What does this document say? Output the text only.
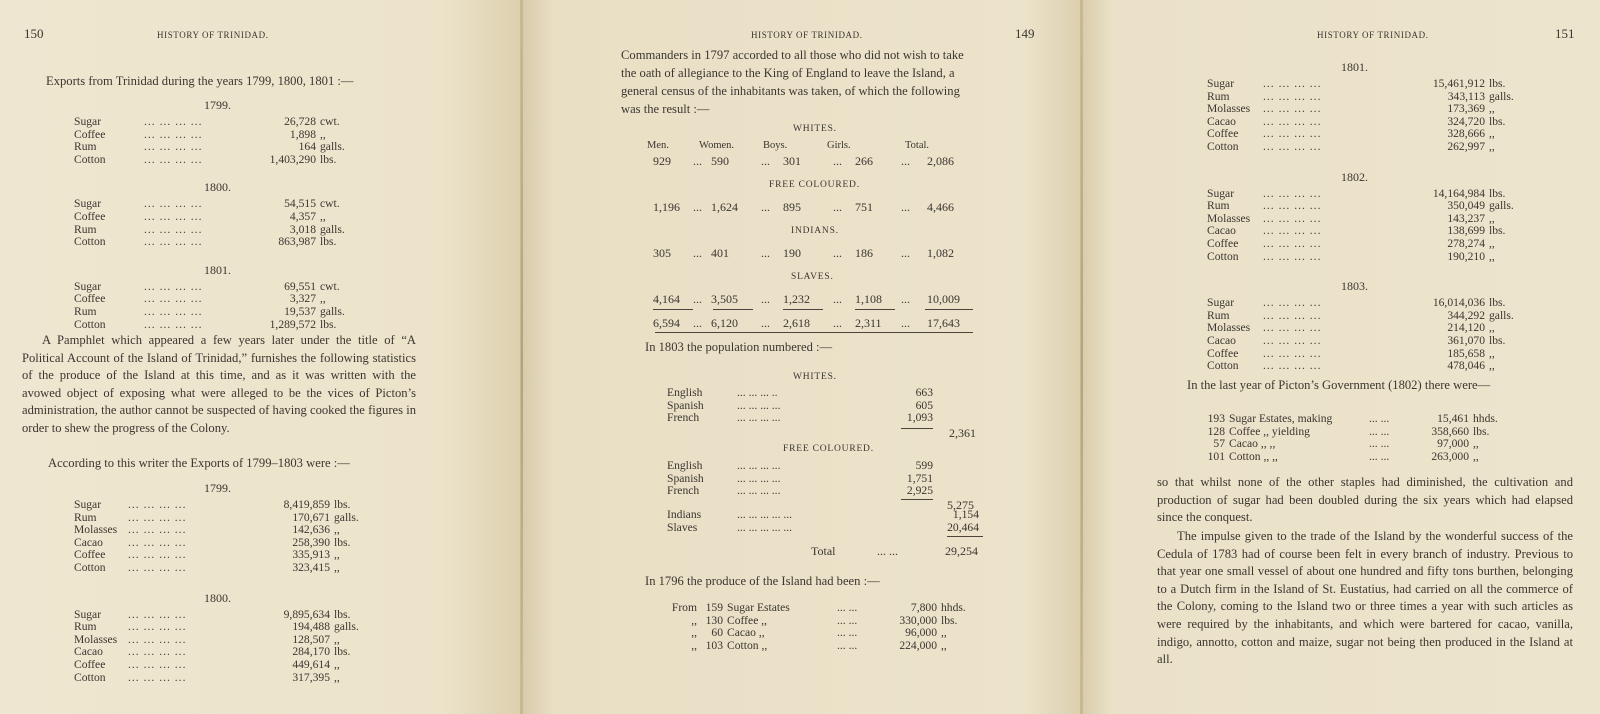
150	HISTORY OF TRINIDAD.
Exports from Trinidad during the years 1799, 1800, 1801 :—
1799.
Sugar	... ... ... ...	26,728 cwt.
Coffee	... ... ... ...	1,898 ,,
Rum	... ... ... ...	164 galls.
Cotton	... ... ... ...	1,403,290 lbs.
1800.
Sugar	... ... ... ...	54,515 cwt.
Coffee	... ... ... ...	4,357 ,,
Rum	... ... ... ...	3,018 galls.
Cotton	... ... ... ...	863,987 lbs.
1801.
Sugar	... ... ... ...	69,551 cwt.
Coffee	... ... ... ...	3,327 ,,
Rum	... ... ... ...	19,537 galls.
Cotton	... ... ... ...	1,289,572 lbs.
A Pamphlet which appeared a few years later under the title of “A Political Account of the Island of Trinidad,” furnishes the following statistics of the produce of the Island at this time, and as it was written with the avowed object of exposing what were alleged to be the vices of Picton’s administration, the author cannot be suspected of having cooked the figures in order to shew the progress of the Colony.
According to this writer the Exports of 1799–1803 were :—
1799.
Sugar ... ... ... ...	8,419,859 lbs.
Rum	... ... ... ...	170,671 galls.
Molasses ... ... ... ...	142,636 ,,
Cacao ... ... ... ...	258,390 lbs.
Coffee ... ... ... ...	335,913 ,,
Cotton ... ... ... ...	323,415 ,,
1800.
Sugar ... ... ... ...	9,895,634 lbs.
Rum	... ... ... ...	194,488 galls.
Molasses ... ... ... ...	128,507 ,,
Cacao ... ... ... ...	284,170 lbs.
Coffee ... ... ... ...	449,614 ,,
Cotton ... ... ... ...	317,395 ,,
HISTORY OF TRINIDAD.	149
Commanders in 1797 accorded to all those who did not wish to take
the oath of allegiance to the King of England to leave the Island, a
general census of the inhabitants was taken, of which the following
was the result :—
WHITES.
Men.	Women.	Boys.	Girls.	Total.
929	590	301	266	2,086
...	...	...	...
FREE COLOURED.
1,196	1,624	895	751	4,466
...	...	...	...
INDIANS.
305	401	190	186	1,082
...	...	...	...
SLAVES.
4,164	3,505	1,232	1,108	10,009
...	...	...	...
6,594	6,120	2,618	2,311	17,643
...	...	...	...
In 1803 the population numbered :—
WHITES.
English	... ... ... ..	663
Spanish	... ... ... ...	605
French	... ... ... ...	1,093
2,361
FREE COLOURED.
English	... ... ... ...	599
Spanish	... ... ... ...	1,751
French	... ... ... ...	2,925
5,275
Indians	... ... ... ... ...	1,154
Slaves	... ... ... ... ...	20,464
Total	... ...	29,254
In 1796 the produce of the Island had been :—
From 159 Sugar Estates	... ...	7,800 hhds.
,, 130 Coffee ,,	... ...	330,000 lbs.
,,	60 Cacao ,,	... ...	96,000 ,,
,, 103 Cotton ,,	... ...	224,000 ,,
HISTORY OF TRINIDAD.	151
1801.
Sugar ... ... ... ...	15,461,912 lbs.
Rum	... ... ... ...	343,113 galls.
Molasses ... ... ... ...	173,369 ,,
Cacao ... ... ... ...	324,720 lbs.
Coffee ... ... ... ...	328,666 ,,
Cotton ... ... ... ...	262,997 ,,
1802.
Sugar ... ... ... ...	14,164,984 lbs.
Rum	... ... ... ...	350,049 galls.
Molasses ... ... ... ...	143,237 ,,
Cacao ... ... ... ...	138,699 lbs.
Coffee ... ... ... ...	278,274 ,,
Cotton ... ... ... ...	190,210 ,,
1803.
Sugar ... ... ... ...	16,014,036 lbs.
Rum	... ... ... ...	344,292 galls.
Molasses ... ... ... ...	214,120 ,,
Cacao ... ... ... ...	361,070 lbs.
Coffee ... ... ... ...	185,658 ,,
Cotton ... ... ... ...	478,046 ,,
In the last year of Picton’s Government (1802) there were—
193 Sugar Estates, making	... ...	15,461 hhds.
128 Coffee ,, yielding	... ...	358,660 lbs.
57 Cacao ,, ,,	... ...	97,000 ,,
101 Cotton ,, ,,	... ...	263,000 ,,
so that whilst none of the other staples had diminished, the cultivation and production of sugar had been doubled during the six years which had elapsed since the conquest.
The impulse given to the trade of the Island by the wonderful success of the Cedula of 1783 had of course been felt in every branch of industry. Previous to that year one small vessel of about one hundred and fifty tons burthen, belonging to a Dutch firm in the Island of St. Eustatius, had carried on all the commerce of the Colony, coming to the Island two or three times a year with such articles as were required by the inhabitants, and which were bartered for cacao, vanilla, indigo, annotto, cotton and maize, sugar not being then produced in the Island at all.
